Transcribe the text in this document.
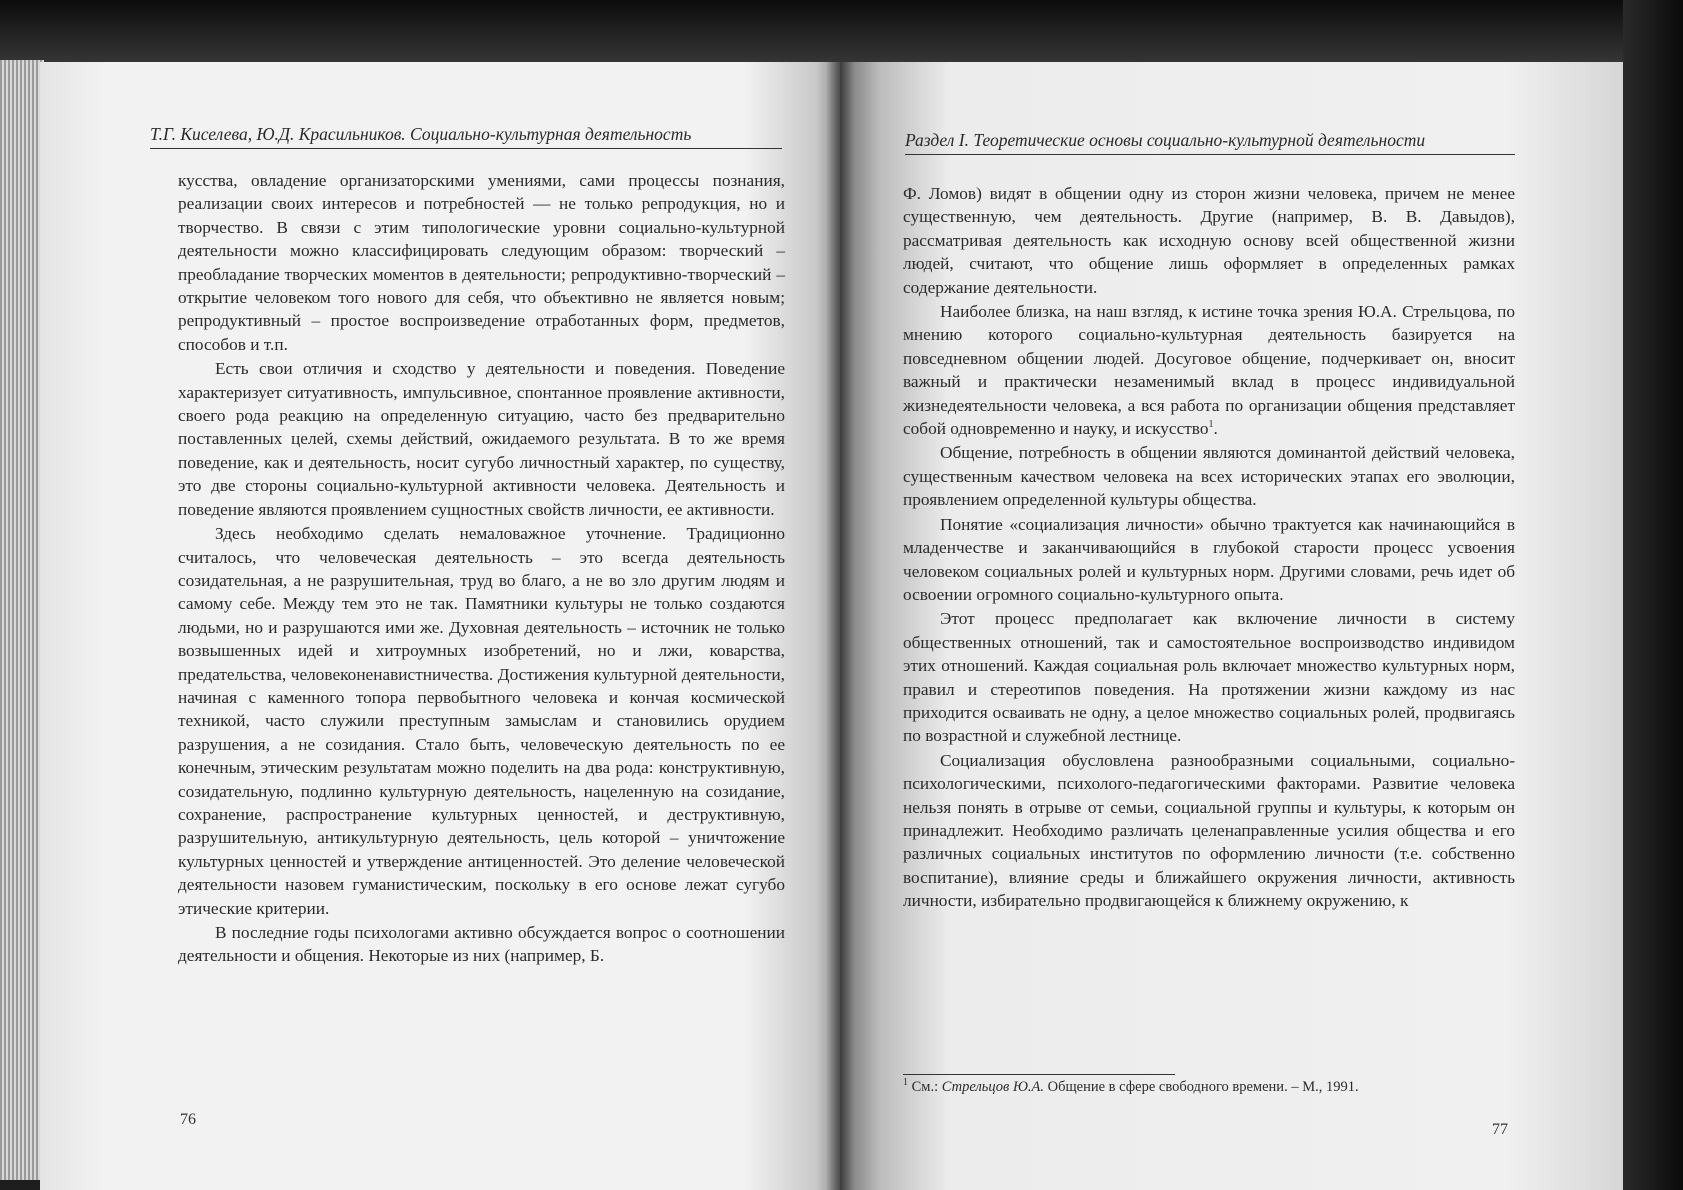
Т.Г. Киселева, Ю.Д. Красильников. Социально-культурная деятельность

кусства, овладение организаторскими умениями, сами процессы познания, реализации своих интересов и потребностей — не только репродукция, но и творчество. В связи с этим типологические уровни социально-культурной деятельности можно классифицировать следующим образом: творческий – преобладание творческих моментов в деятельности; репродуктивно-творческий – открытие человеком того нового для себя, что объективно не является новым; репродуктивный – простое воспроизведение отработанных форм, предметов, способов и т.п.

Есть свои отличия и сходство у деятельности и поведения. Поведение характеризует ситуативность, импульсивное, спонтанное проявление активности, своего рода реакцию на определенную ситуацию, часто без предварительно поставленных целей, схемы действий, ожидаемого результата. В то же время поведение, как и деятельность, носит сугубо личностный характер, по существу, это две стороны социально-культурной активности человека. Деятельность и поведение являются проявлением сущностных свойств личности, ее активности.

Здесь необходимо сделать немаловажное уточнение. Традиционно считалось, что человеческая деятельность – это всегда деятельность созидательная, а не разрушительная, труд во благо, а не во зло другим людям и самому себе. Между тем это не так. Памятники культуры не только создаются людьми, но и разрушаются ими же. Духовная деятельность – источник не только возвышенных идей и хитроумных изобретений, но и лжи, коварства, предательства, человеконенавистничества. Достижения культурной деятельности, начиная с каменного топора первобытного человека и кончая космической техникой, часто служили преступным замыслам и становились орудием разрушения, а не созидания. Стало быть, человеческую деятельность по ее конечным, этическим результатам можно поделить на два рода: конструктивную, созидательную, подлинно культурную деятельность, нацеленную на созидание, сохранение, распространение культурных ценностей, и деструктивную, разрушительную, антикультурную деятельность, цель которой – уничтожение культурных ценностей и утверждение антиценностей. Это деление человеческой деятельности назовем гуманистическим, поскольку в его основе лежат сугубо этические критерии.

В последние годы психологами активно обсуждается вопрос о соотношении деятельности и общения. Некоторые из них (например, Б.

76
Раздел I. Теоретические основы социально-культурной деятельности

Ф. Ломов) видят в общении одну из сторон жизни человека, причем не менее существенную, чем деятельность. Другие (например, В. В. Давыдов), рассматривая деятельность как исходную основу всей общественной жизни людей, считают, что общение лишь оформляет в определенных рамках содержание деятельности.

Наиболее близка, на наш взгляд, к истине точка зрения Ю.А. Стрельцова, по мнению которого социально-культурная деятельность базируется на повседневном общении людей. Досуговое общение, подчеркивает он, вносит важный и практически незаменимый вклад в процесс индивидуальной жизнедеятельности человека, а вся работа по организации общения представляет собой одновременно и науку, и искусство$^1$.

Общение, потребность в общении являются доминантой действий человека, существенным качеством человека на всех исторических этапах его эволюции, проявлением определенной культуры общества.

Понятие «социализация личности» обычно трактуется как начинающийся в младенчестве и заканчивающийся в глубокой старости процесс усвоения человеком социальных ролей и культурных норм. Другими словами, речь идет об освоении огромного социально-культурного опыта.

Этот процесс предполагает как включение личности в систему общественных отношений, так и самостоятельное воспроизводство индивидом этих отношений. Каждая социальная роль включает множество культурных норм, правил и стереотипов поведения. На протяжении жизни каждому из нас приходится осваивать не одну, а целое множество социальных ролей, продвигаясь по возрастной и служебной лестнице.

Социализация обусловлена разнообразными социальными, социально-психологическими, психолого-педагогическими факторами. Развитие человека нельзя понять в отрыве от семьи, социальной группы и культуры, к которым он принадлежит. Необходимо различать целенаправленные усилия общества и его различных социальных институтов по оформлению личности (т.е. собственно воспитание), влияние среды и ближайшего окружения личности, активность личности, избирательно продвигающейся к ближнему окружению, к

$^1$ См.: Стрельцов Ю.А. Общение в сфере свободного времени. – М., 1991.
77
